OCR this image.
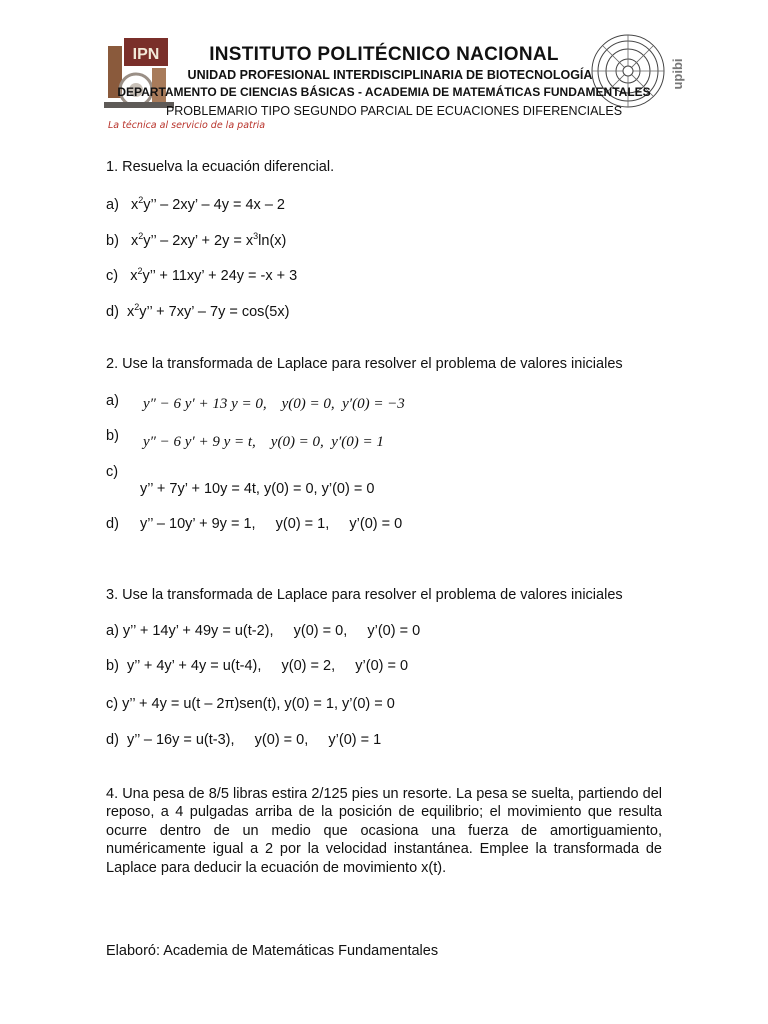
IPN
La técnica al servicio de la patria
upibi
INSTITUTO POLITÉCNICO NACIONAL
UNIDAD PROFESIONAL INTERDISCIPLINARIA DE BIOTECNOLOGÍA
DEPARTAMENTO DE CIENCIAS BÁSICAS - ACADEMIA DE MATEMÁTICAS FUNDAMENTALES
PROBLEMARIO TIPO SEGUNDO PARCIAL DE ECUACIONES DIFERENCIALES
1. Resuelva la ecuación diferencial.
a) $x^2y$’’ – 2xy’ – 4y = 4x – 2
b) $x^2y$’’ – 2xy’ + $2y = x^3\ln(x)$
c) $x^2y$’’ + 11xy’ + 24y = -x + 3
d) $x^2y$’’ + 7xy’ – 7y = cos(5x)
2. Use la transformada de Laplace para resolver el problema de valores iniciales
a) y″ − 6 y′ + 13 y = 0,    y(0) = 0,  y′(0) = −3
b) y″ − 6 y′ + 9 y = t,    y(0) = 0,  y′(0) = 1
c)
y’’ + 7y’ + 10y = 4t, y(0) = 0, y’(0) = 0
d) y’’ – 10y’ + 9y = 1,     y(0) = 1,     y’(0) = 0
3. Use la transformada de Laplace para resolver el problema de valores iniciales
a) y’’ + 14y’ + 49y = u(t-2),     y(0) = 0,     y’(0) = 0
b)  y’’ + 4y’ + 4y = u(t-4),     y(0) = 2,     y’(0) = 0
c) y’’ + 4y = u(t – 2π)sen(t), y(0) = 1, y’(0) = 0
d)  y’’ – 16y = u(t-3),     y(0) = 0,     y’(0) = 1
4. Una pesa de 8/5 libras estira 2/125 pies un resorte. La pesa se suelta, partiendo del reposo, a 4 pulgadas arriba de la posición de equilibrio; el movimiento que resulta ocurre dentro de un medio que ocasiona una fuerza de amortiguamiento, numéricamente igual a 2 por la velocidad instantánea. Emplee la transformada de Laplace para deducir la ecuación de movimiento x(t).
Elaboró: Academia de Matemáticas Fundamentales
